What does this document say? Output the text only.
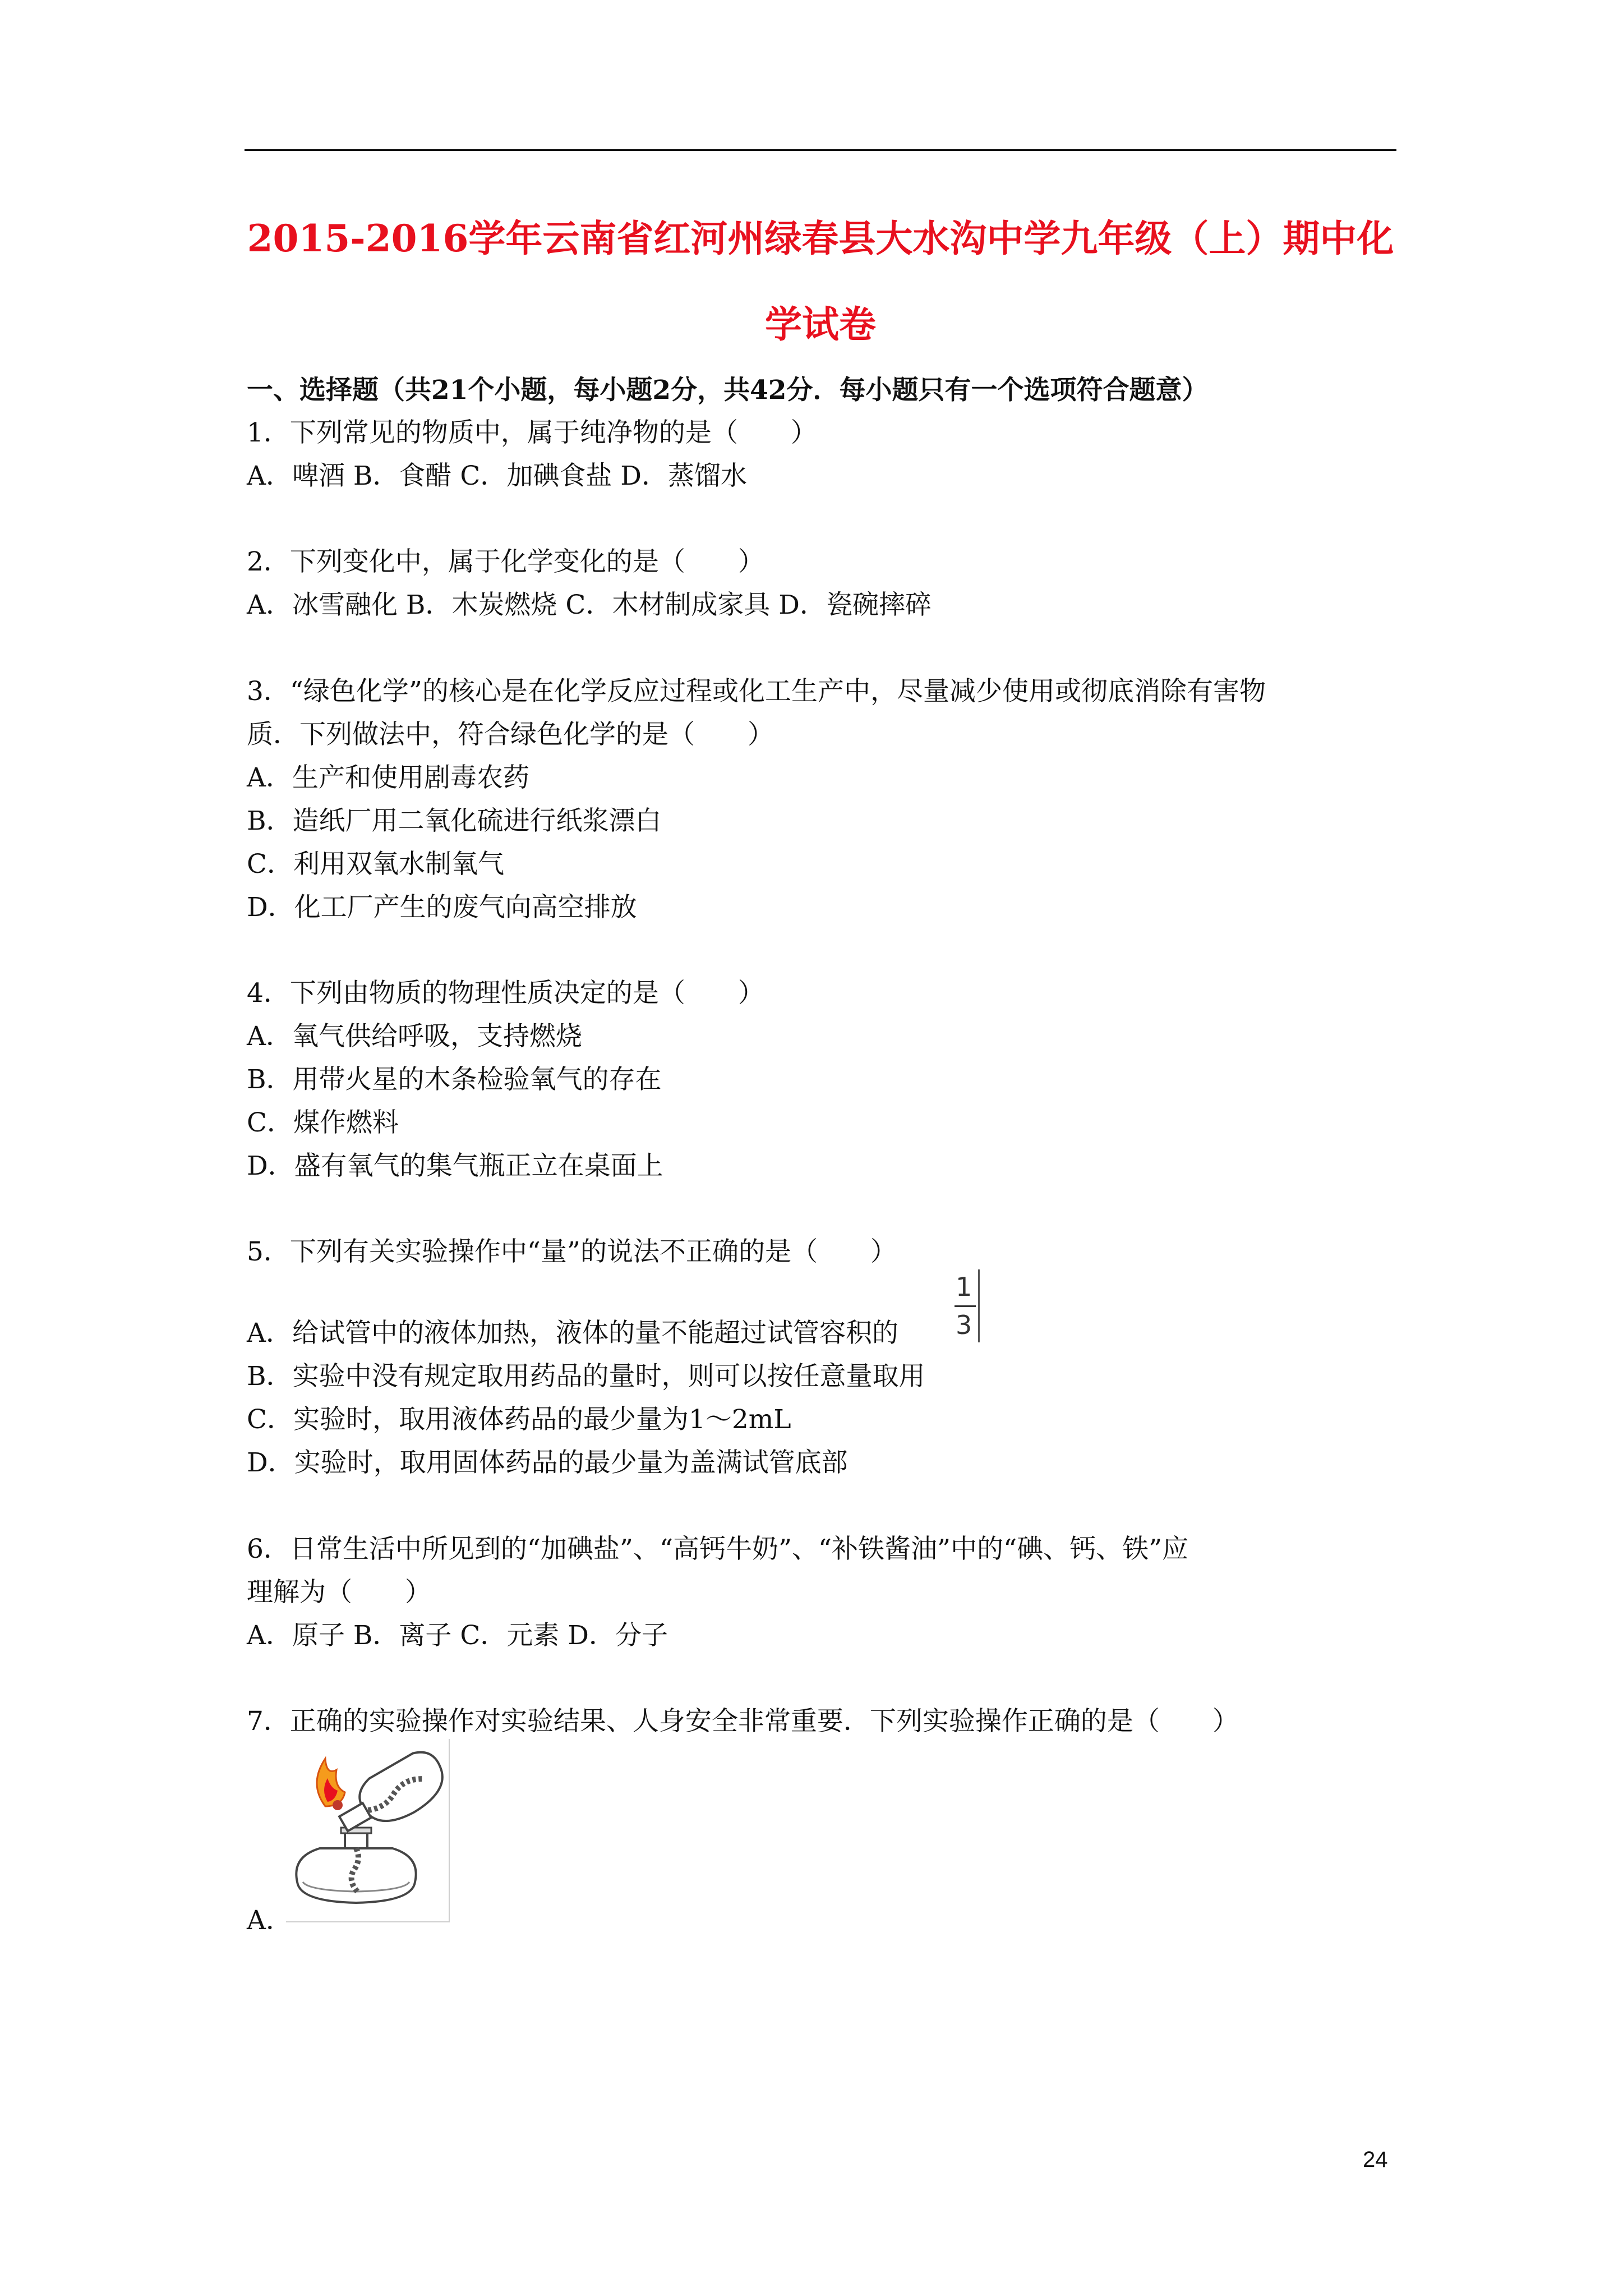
2015-2016学年云南省红河州绿春县大水沟中学九年级（上）期中化
学试卷
一、选择题（共21个小题，每小题2分，共42分．每小题只有一个选项符合题意）
1．下列常见的物质中，属于纯净物的是（　　）
A．啤酒 B．食醋 C．加碘食盐 D．蒸馏水
2．下列变化中，属于化学变化的是（　　）
A．冰雪融化 B．木炭燃烧 C．木材制成家具 D．瓷碗摔碎
3．“绿色化学”的核心是在化学反应过程或化工生产中，尽量减少使用或彻底消除有害物
质．下列做法中，符合绿色化学的是（　　）
A．生产和使用剧毒农药
B．造纸厂用二氧化硫进行纸浆漂白
C．利用双氧水制氧气
D．化工厂产生的废气向高空排放
4．下列由物质的物理性质决定的是（　　）
A．氧气供给呼吸，支持燃烧
B．用带火星的木条检验氧气的存在
C．煤作燃料
D．盛有氧气的集气瓶正立在桌面上
5．下列有关实验操作中“量”的说法不正确的是（　　）
A．给试管中的液体加热，液体的量不能超过试管容积的
1
3
B．实验中没有规定取用药品的量时，则可以按任意量取用
C．实验时，取用液体药品的最少量为1～2mL
D．实验时，取用固体药品的最少量为盖满试管底部
6．日常生活中所见到的“加碘盐”、“高钙牛奶”、“补铁酱油”中的“碘、钙、铁”应
理解为（　　）
A．原子 B．离子 C．元素 D．分子
7．正确的实验操作对实验结果、人身安全非常重要．下列实验操作正确的是（　　）
A．
24
